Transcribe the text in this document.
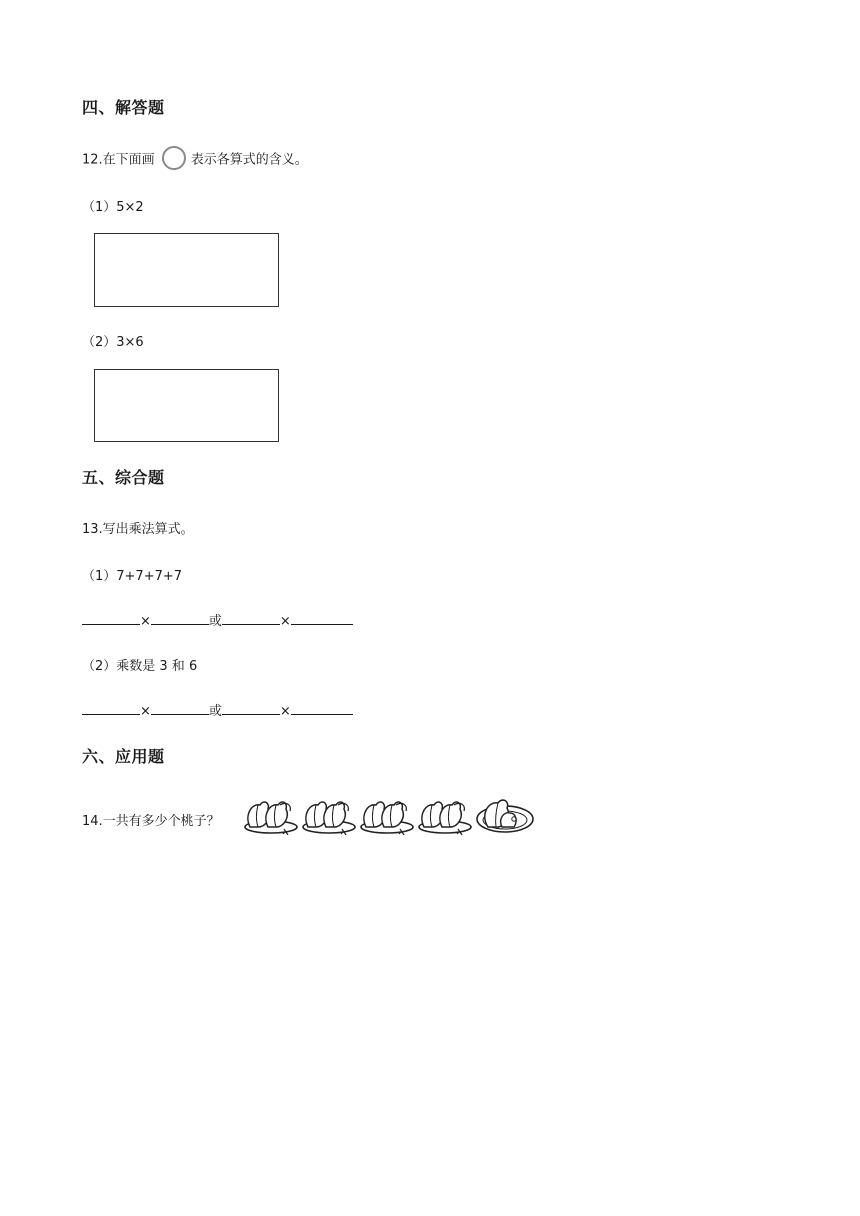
四、解答题
12.在下面画	表示各算式的含义。
（1）5×2
（2）3×6
五、综合题
13.写出乘法算式。
（1）7+7+7+7
×	或	×
（2）乘数是 3 和 6
×	或	×
六、应用题
14.一共有多少个桃子？
